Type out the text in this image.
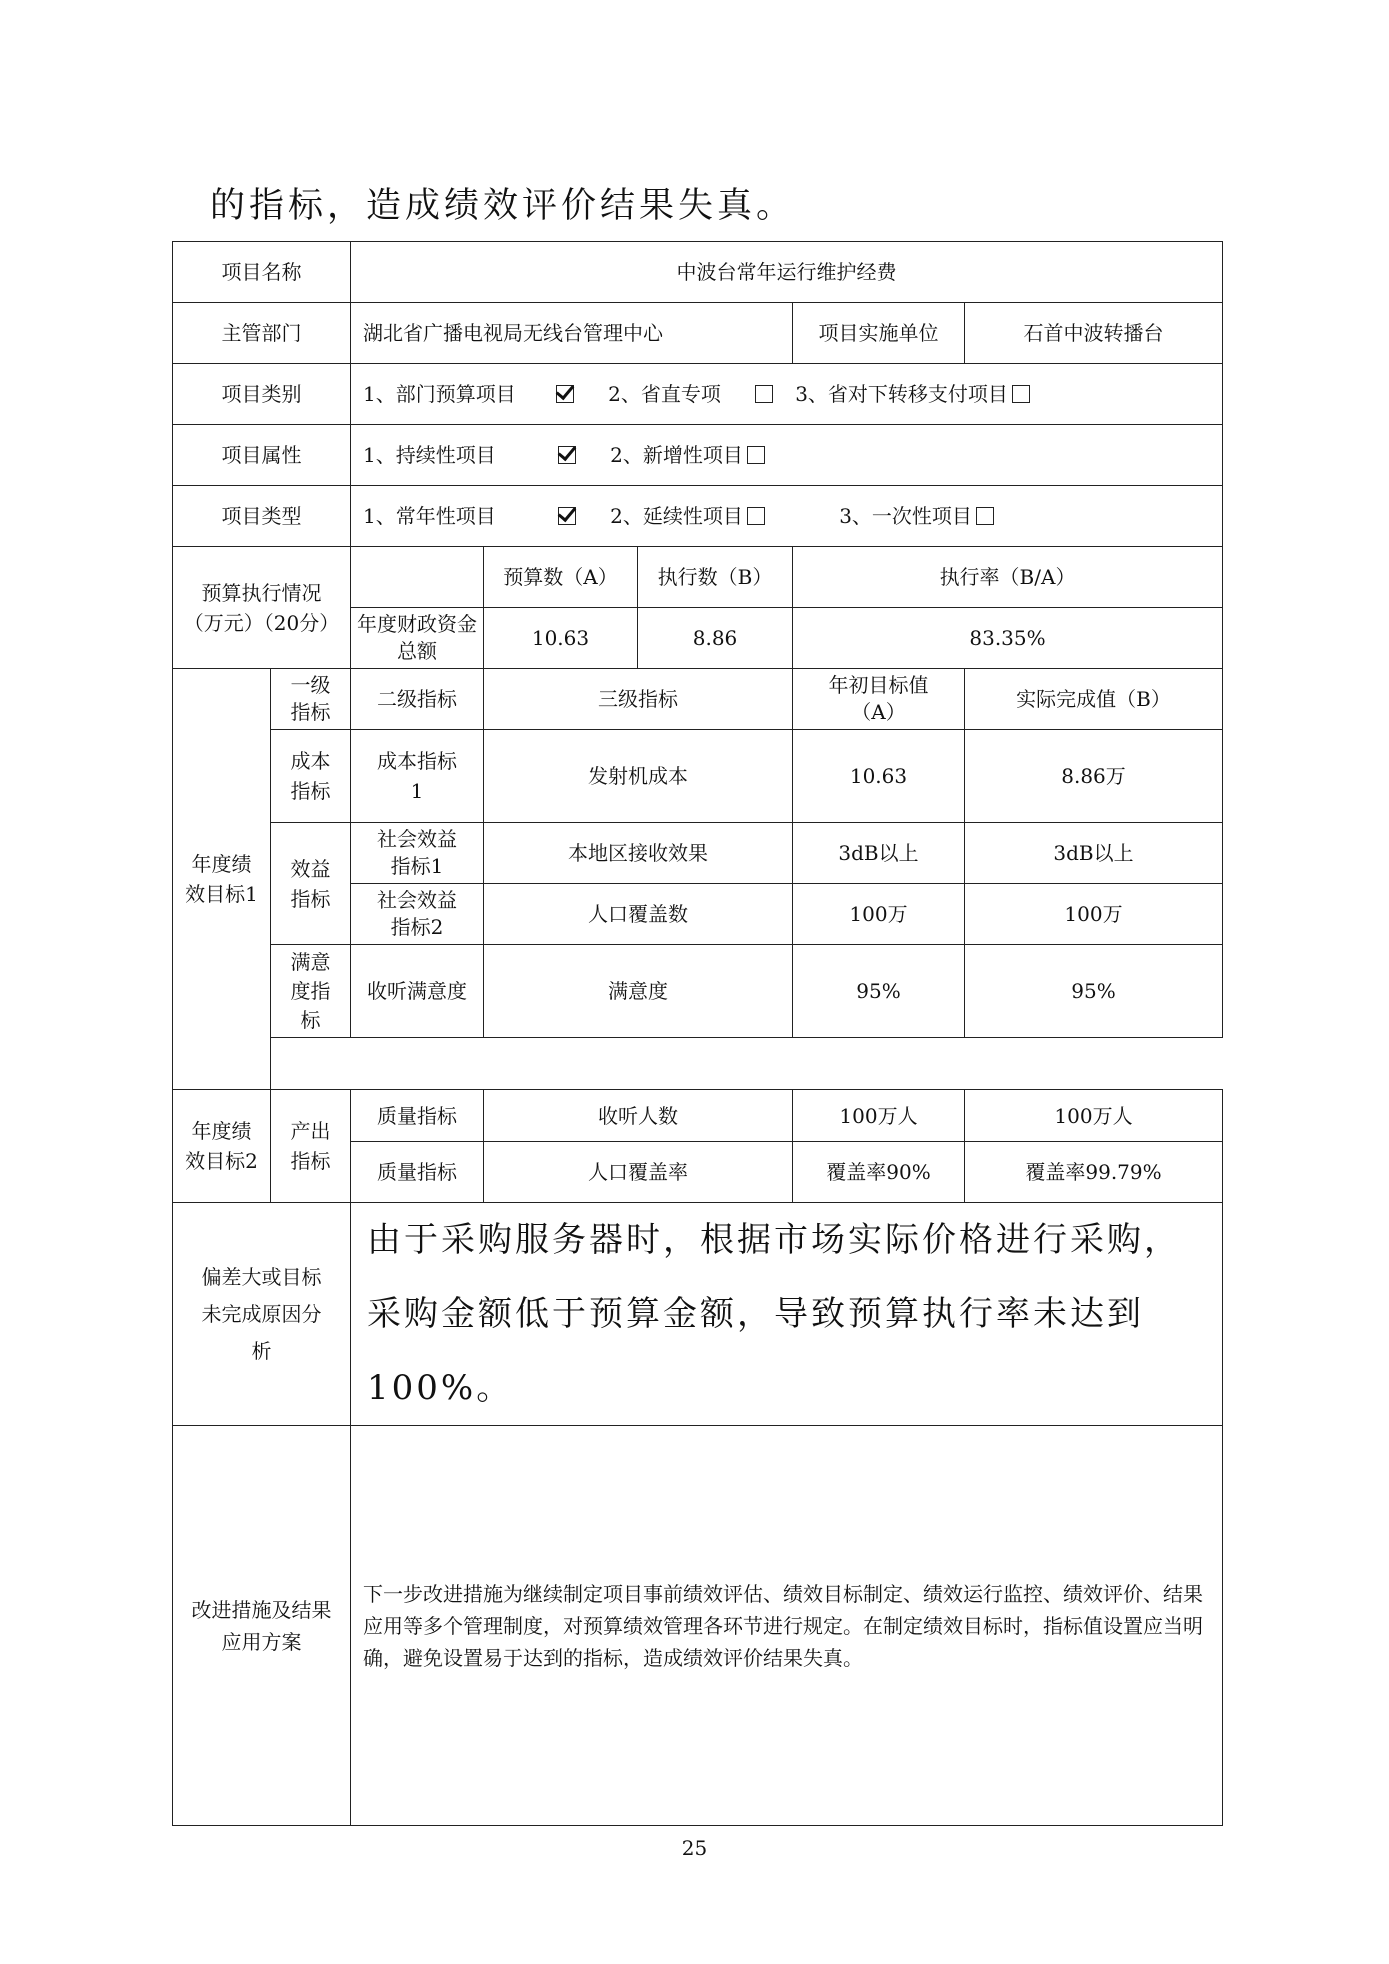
的指标，造成绩效评价结果失真。
项目名称		中波台常年运行维护经费				
主管部门		湖北省广播电视局无线台管理中心			项目实施单位	石首中波转播台
项目类别		1、部门预算项目 2、省直专项 3、省对下转移支付项目				
项目属性		1、持续性项目 2、新增性项目				
项目类型		1、常年性项目 2、延续性项目 3、一次性项目				
预算执行情况（万元）（20分）			预算数（A）	执行数（B）	执行率（B/A）	
		年度财政资金总额	10.63	8.86	83.35%	
年度绩效目标1	一级指标	二级指标	三级指标		年初目标值（A）	实际完成值（B）
	成本指标	成本指标1	发射机成本		10.63	8.86万
	效益指标	社会效益指标1	本地区接收效果		3dB以上	3dB以上
		社会效益指标2	人口覆盖数		100万	100万
	满意度指标	收听满意度	满意度		95%	95%

年度绩效目标2	产出指标	质量指标	收听人数		100万人	100万人
		质量指标	人口覆盖率		覆盖率90%	覆盖率99.79%
偏差大或目标未完成原因分析		由于采购服务器时，根据市场实际价格进行采购，采购金额低于预算金额，导致预算执行率未达到100%。				
改进措施及结果应用方案		下一步改进措施为继续制定项目事前绩效评估、绩效目标制定、绩效运行监控、绩效评价、结果应用等多个管理制度，对预算绩效管理各环节进行规定。在制定绩效目标时，指标值设置应当明确，避免设置易于达到的指标，造成绩效评价结果失真。				
25
